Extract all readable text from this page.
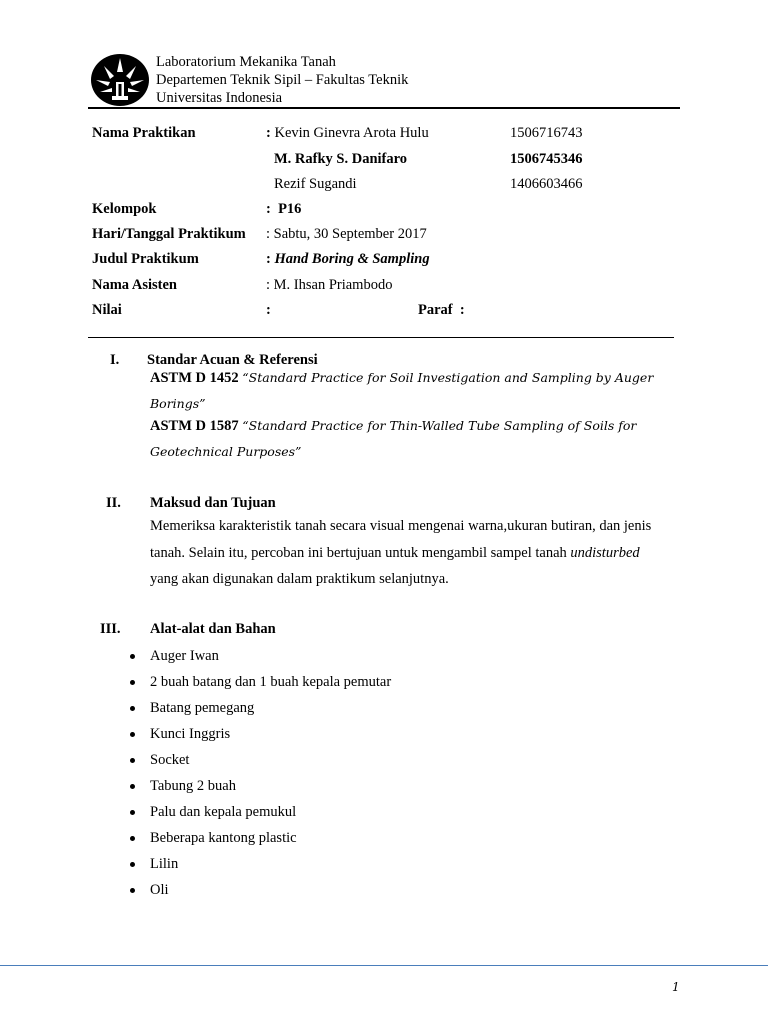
Laboratorium Mekanika Tanah
Departemen Teknik Sipil – Fakultas Teknik
Universitas Indonesia
Nama Praktikan	: Kevin Ginevra Arota Hulu	1506716743
M. Rafky S. Danifaro	1506745346
Rezif Sugandi	1406603466
Kelompok	:  P16
Hari/Tanggal Praktikum : Sabtu, 30 September 2017
Judul Praktikum	: Hand Boring & Sampling
Nama Asisten	: M. Ihsan Priambodo
Nilai	:	Paraf  :
I. Standar Acuan & Referensi
ASTM D 1452 “Standard Practice for Soil Investigation and Sampling by Auger
Borings”
ASTM D 1587 “Standard Practice for Thin-Walled Tube Sampling of Soils for
Geotechnical Purposes”
II. Maksud dan Tujuan
Memeriksa karakteristik tanah secara visual mengenai warna,ukuran butiran, dan jenis
tanah. Selain itu, percoban ini bertujuan untuk mengambil sampel tanah undisturbed
yang akan digunakan dalam praktikum selanjutnya.
III. Alat-alat dan Bahan
Auger Iwan
2 buah batang dan 1 buah kepala pemutar
Batang pemegang
Kunci Inggris
Socket
Tabung 2 buah
Palu dan kepala pemukul
Beberapa kantong plastic
Lilin
Oli
1
